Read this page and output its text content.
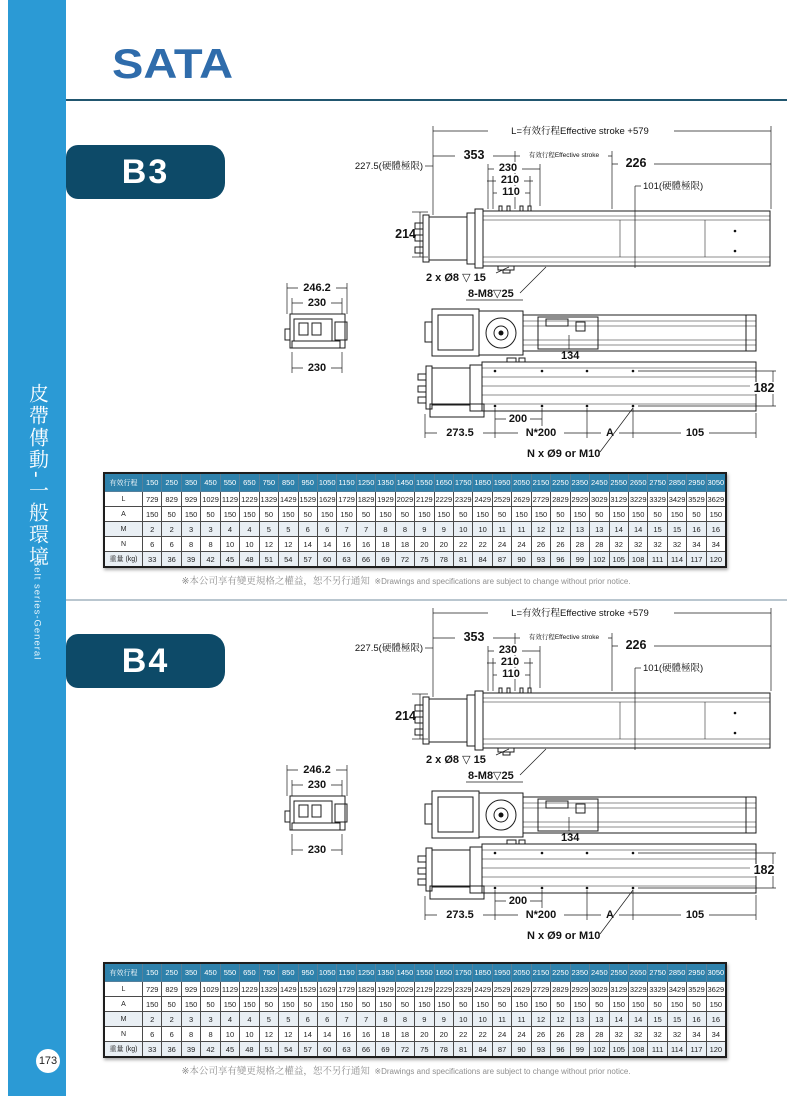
皮帶傳動-一般環境
Belt series-General
173
SATA
B3
L=有效行程Effective stroke +579
353	有效行程Effective stroke
226
230
210
110
227.5(硬體極限)
101(硬體極限)
214
2 x Ø8 ▽ 15
8-M8▽25
246.2
230
230
134
182
200
273.5	N*200	A	105
N x Ø9 or M10
有效行程	150	250	350	450	550	650	750	850	950	1050	1150	1250	1350	1450	1550	1650	1750	1850	1950	2050	2150	2250	2350	2450	2550	2650	2750	2850	2950	3050
L	729	829	929	1029	1129	1229	1329	1429	1529	1629	1729	1829	1929	2029	2129	2229	2329	2429	2529	2629	2729	2829	2929	3029	3129	3229	3329	3429	3529	3629
A	150	50	150	50	150	150	50	150	50	150	150	50	150	50	150	150	50	150	50	150	150	50	150	50	150	150	50	150	50	150
M	2	2	3	3	4	4	5	5	6	6	7	7	8	8	9	9	10	10	11	11	12	12	13	13	14	14	15	15	16	16
N	6	6	8	8	10	10	12	12	14	14	16	16	18	18	20	20	22	22	24	24	26	26	28	28	32	32	32	32	34	34
重量 (kg)	33	36	39	42	45	48	51	54	57	60	63	66	69	72	75	78	81	84	87	90	93	96	99	102	105	108	111	114	117	120
※本公司享有變更規格之權益，恕不另行通知 ※Drawings and specifications are subject to change without prior notice.
B4
L=有效行程Effective stroke +579
353	有效行程Effective stroke
226
230
210
110
227.5(硬體極限)
101(硬體極限)
214
2 x Ø8 ▽ 15
8-M8▽25
246.2
230
230
134
182
200
273.5	N*200	A	105
N x Ø9 or M10
有效行程	150	250	350	450	550	650	750	850	950	1050	1150	1250	1350	1450	1550	1650	1750	1850	1950	2050	2150	2250	2350	2450	2550	2650	2750	2850	2950	3050
L	729	829	929	1029	1129	1229	1329	1429	1529	1629	1729	1829	1929	2029	2129	2229	2329	2429	2529	2629	2729	2829	2929	3029	3129	3229	3329	3429	3529	3629
A	150	50	150	50	150	150	50	150	50	150	150	50	150	50	150	150	50	150	50	150	150	50	150	50	150	150	50	150	50	150
M	2	2	3	3	4	4	5	5	6	6	7	7	8	8	9	9	10	10	11	11	12	12	13	13	14	14	15	15	16	16
N	6	6	8	8	10	10	12	12	14	14	16	16	18	18	20	20	22	22	24	24	26	26	28	28	32	32	32	32	34	34
重量 (kg)	33	36	39	42	45	48	51	54	57	60	63	66	69	72	75	78	81	84	87	90	93	96	99	102	105	108	111	114	117	120
※本公司享有變更規格之權益，恕不另行通知 ※Drawings and specifications are subject to change without prior notice.
